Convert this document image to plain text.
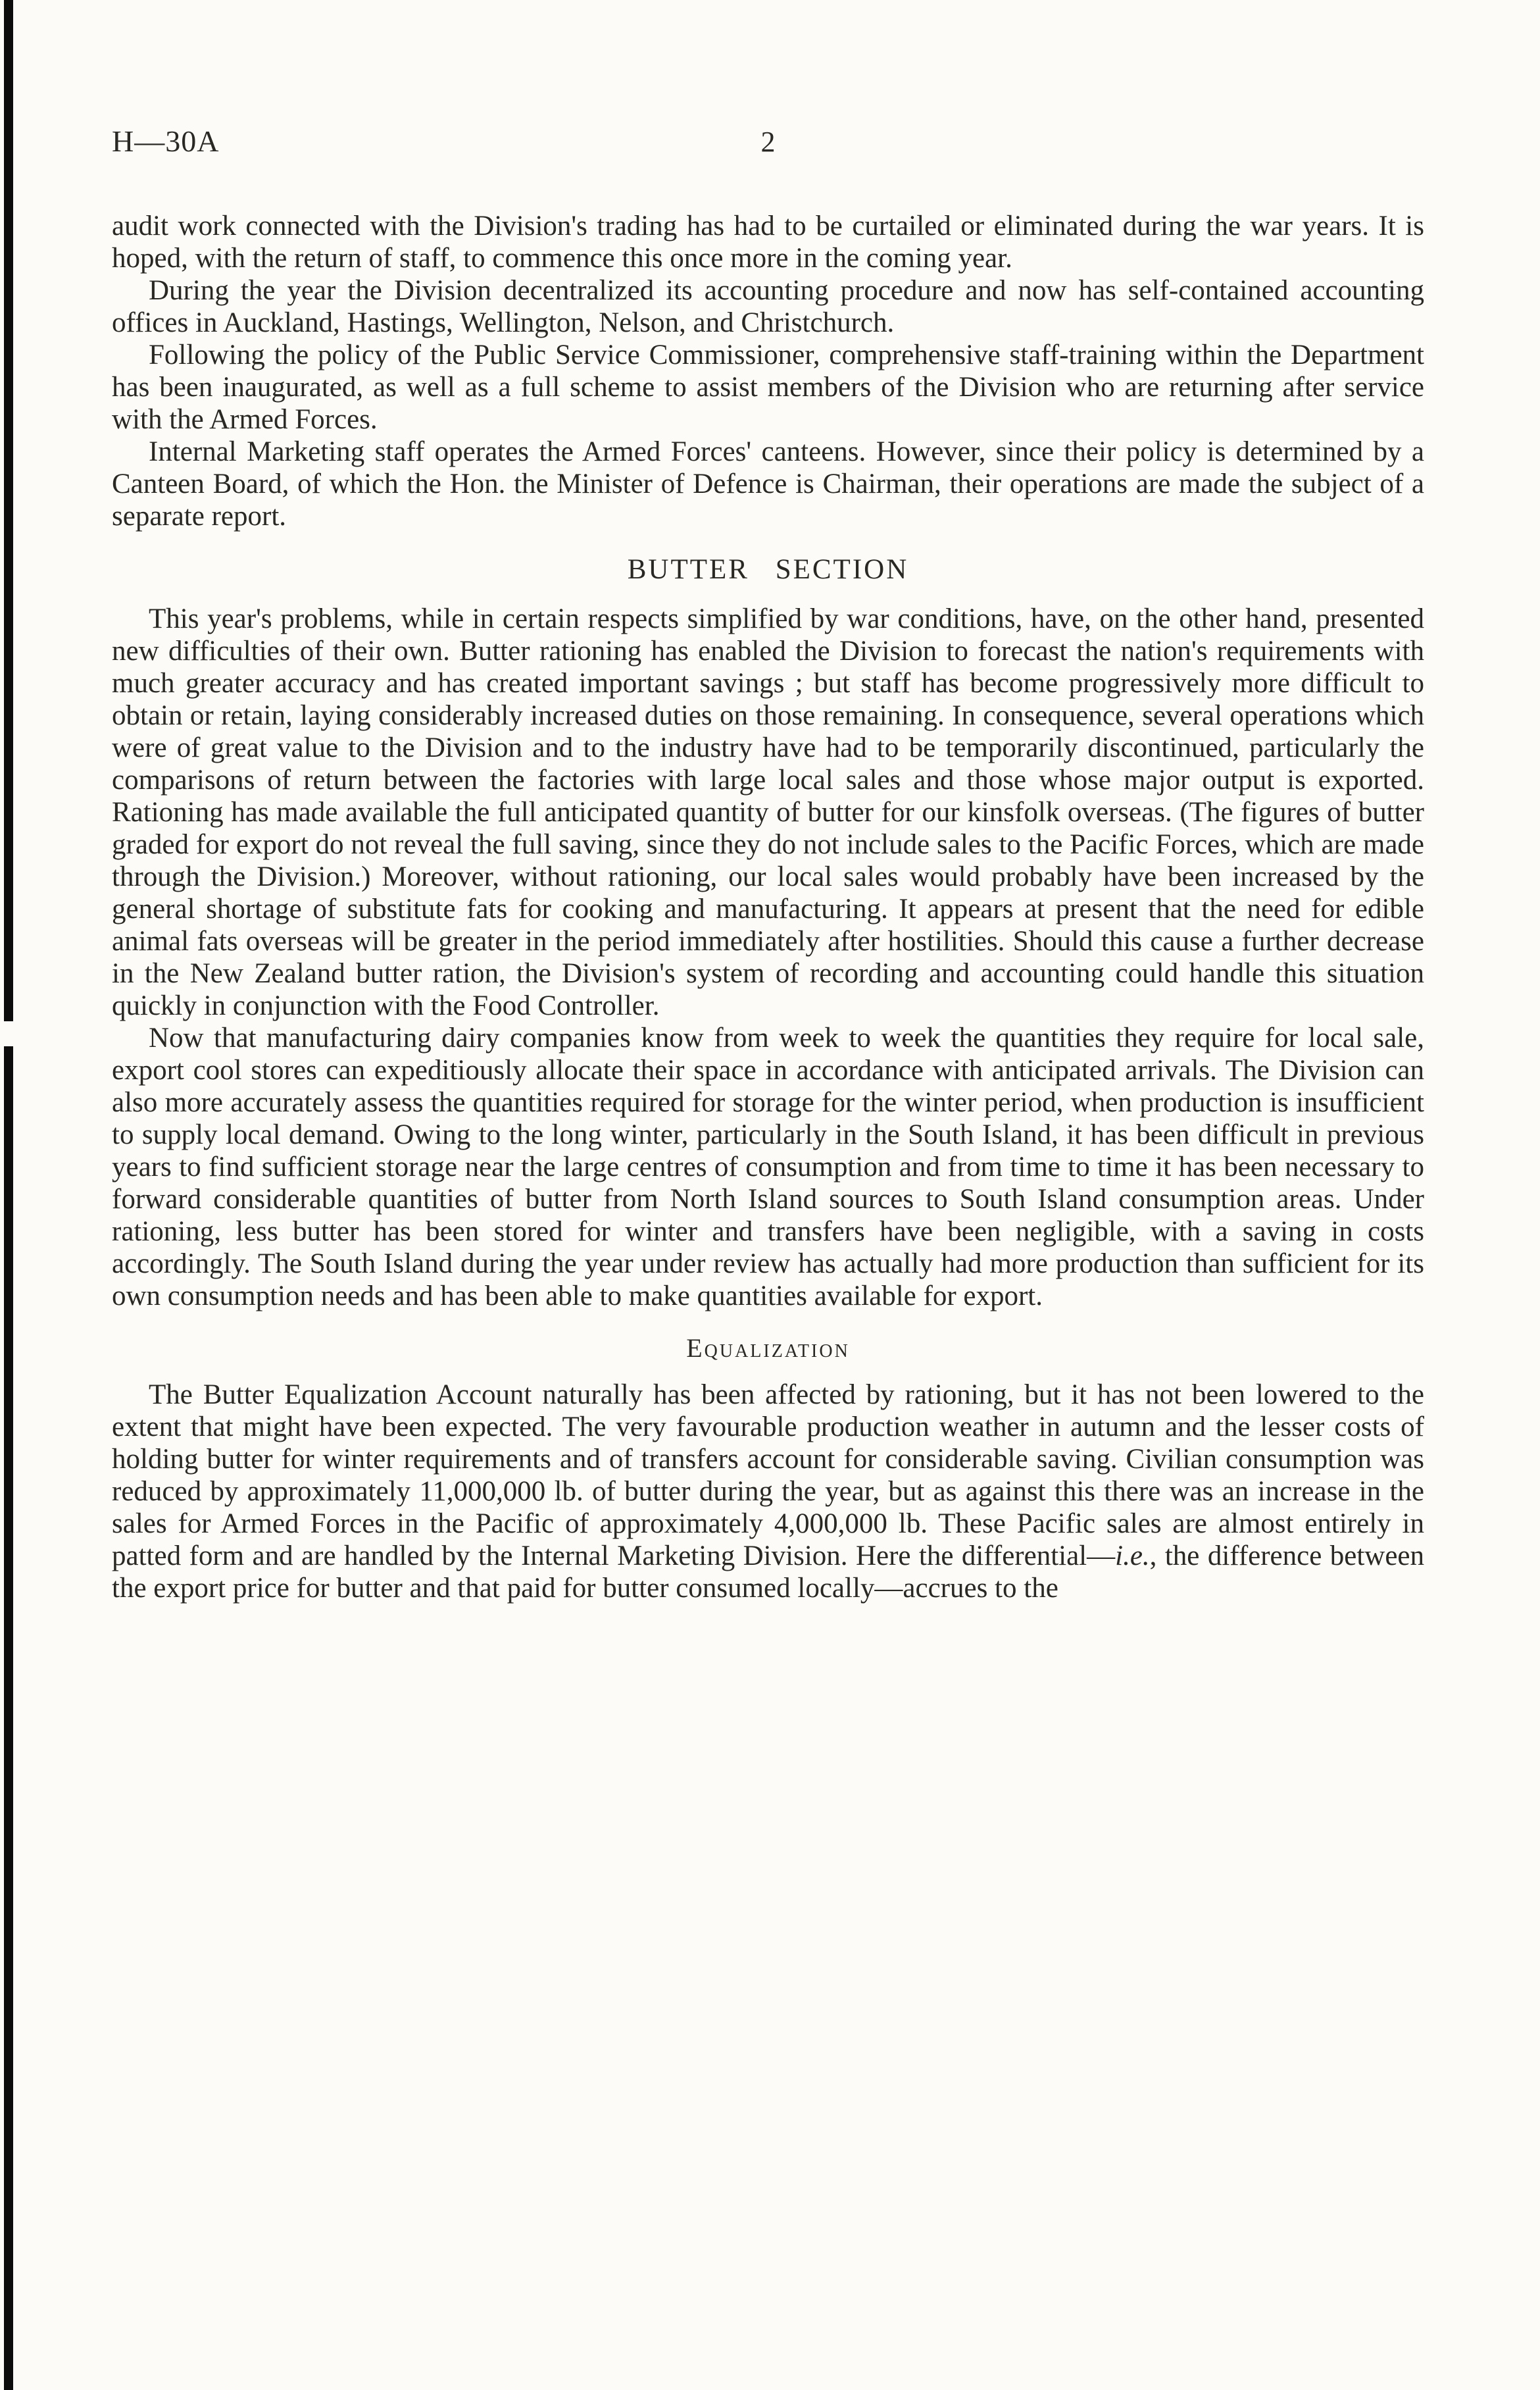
H—30A	2

audit work connected with the Division's trading has had to be curtailed or eliminated during the war years. It is hoped, with the return of staff, to commence this once more in the coming year.

During the year the Division decentralized its accounting procedure and now has self-contained accounting offices in Auckland, Hastings, Wellington, Nelson, and Christchurch.

Following the policy of the Public Service Commissioner, comprehensive staff-training within the Department has been inaugurated, as well as a full scheme to assist members of the Division who are returning after service with the Armed Forces.

Internal Marketing staff operates the Armed Forces' canteens. However, since their policy is determined by a Canteen Board, of which the Hon. the Minister of Defence is Chairman, their operations are made the subject of a separate report.

BUTTER SECTION

This year's problems, while in certain respects simplified by war conditions, have, on the other hand, presented new difficulties of their own. Butter rationing has enabled the Division to forecast the nation's requirements with much greater accuracy and has created important savings ; but staff has become progressively more difficult to obtain or retain, laying considerably increased duties on those remaining. In consequence, several operations which were of great value to the Division and to the industry have had to be temporarily discontinued, particularly the comparisons of return between the factories with large local sales and those whose major output is exported. Rationing has made available the full anticipated quantity of butter for our kinsfolk overseas. (The figures of butter graded for export do not reveal the full saving, since they do not include sales to the Pacific Forces, which are made through the Division.) Moreover, without rationing, our local sales would probably have been increased by the general shortage of substitute fats for cooking and manufacturing. It appears at present that the need for edible animal fats overseas will be greater in the period immediately after hostilities. Should this cause a further decrease in the New Zealand butter ration, the Division's system of recording and accounting could handle this situation quickly in conjunction with the Food Controller.

Now that manufacturing dairy companies know from week to week the quantities they require for local sale, export cool stores can expeditiously allocate their space in accordance with anticipated arrivals. The Division can also more accurately assess the quantities required for storage for the winter period, when production is insufficient to supply local demand. Owing to the long winter, particularly in the South Island, it has been difficult in previous years to find sufficient storage near the large centres of consumption and from time to time it has been necessary to forward considerable quantities of butter from North Island sources to South Island consumption areas. Under rationing, less butter has been stored for winter and transfers have been negligible, with a saving in costs accordingly. The South Island during the year under review has actually had more production than sufficient for its own consumption needs and has been able to make quantities available for export.

Equalization

The Butter Equalization Account naturally has been affected by rationing, but it has not been lowered to the extent that might have been expected. The very favourable production weather in autumn and the lesser costs of holding butter for winter requirements and of transfers account for considerable saving. Civilian consumption was reduced by approximately 11,000,000 lb. of butter during the year, but as against this there was an increase in the sales for Armed Forces in the Pacific of approximately 4,000,000 lb. These Pacific sales are almost entirely in patted form and are handled by the Internal Marketing Division. Here the differential—i.e., the difference between the export price for butter and that paid for butter consumed locally—accrues to the
